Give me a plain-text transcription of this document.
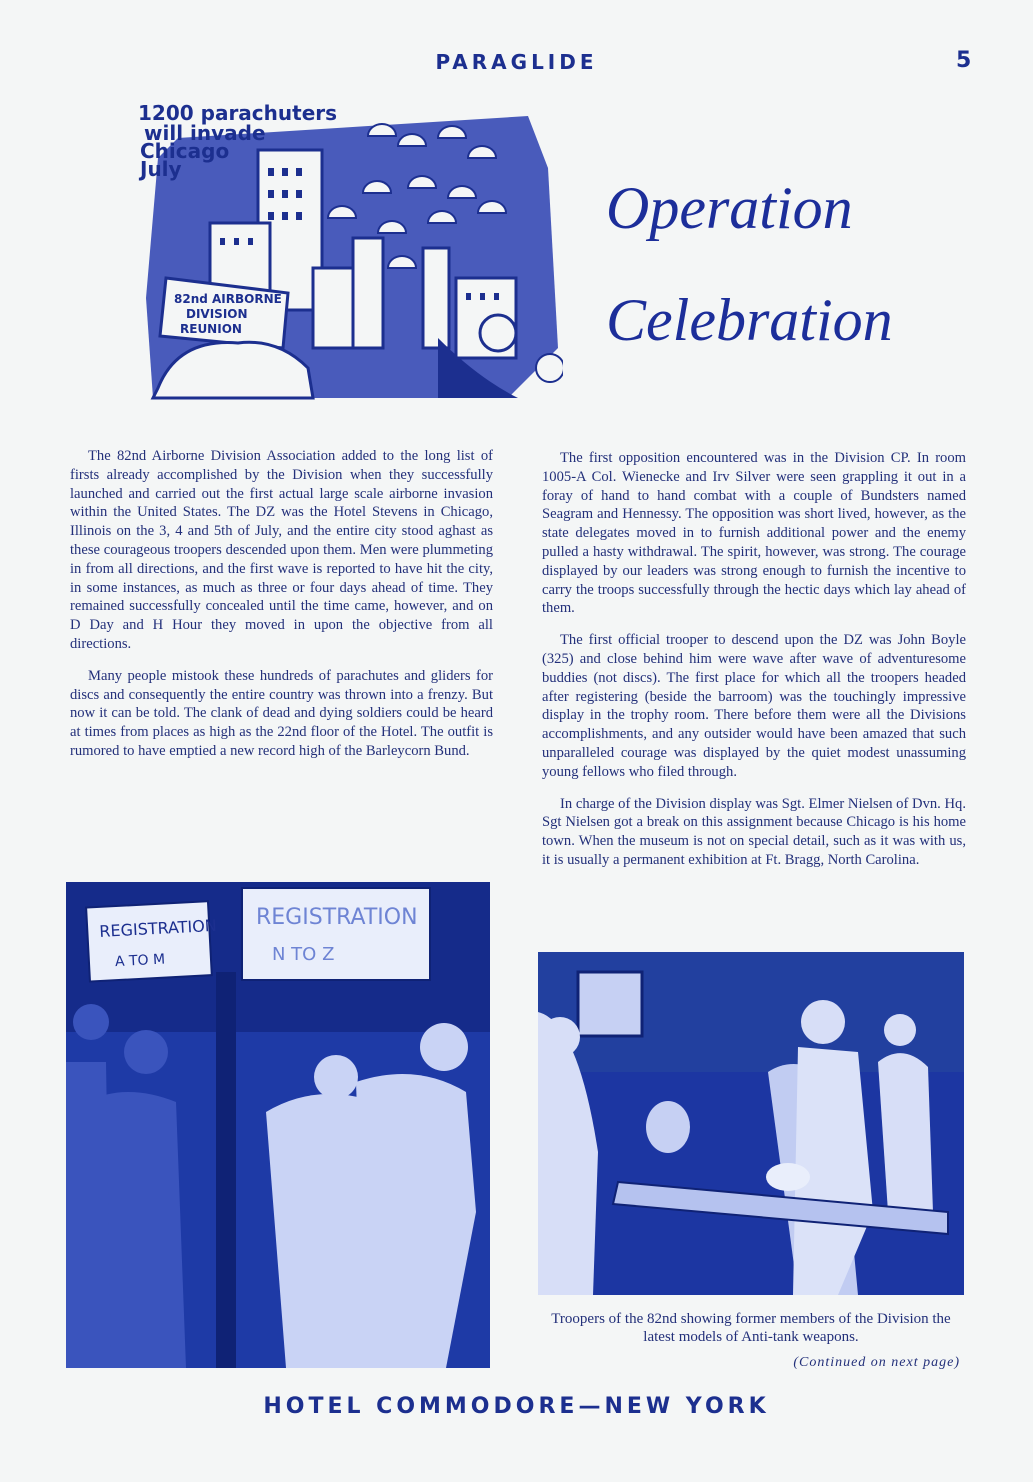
PARAGLIDE	5
1200 parachuters
will invade
Chicago
July
82nd AIRBORNE
DIVISION
REUNION
Operation
Celebration

The 82nd Airborne Division Association added to the long list of firsts already accomplished by the Division when they successfully launched and carried out the first actual large scale airborne invasion within the United States. The DZ was the Hotel Stevens in Chicago, Illinois on the 3, 4 and 5th of July, and the entire city stood aghast as these courageous troopers descended upon them. Men were plummeting in from all directions, and the first wave is reported to have hit the city, in some instances, as much as three or four days ahead of time. They remained successfully concealed until the time came, however, and on D Day and H Hour they moved in upon the objective from all directions.

Many people mistook these hundreds of parachutes and gliders for discs and consequently the entire country was thrown into a frenzy. But now it can be told. The clank of dead and dying soldiers could be heard at times from places as high as the 22nd floor of the Hotel. The outfit is rumored to have emptied a new record high of the Barleycorn Bund.

The first opposition encountered was in the Division CP. In room 1005-A Col. Wienecke and Irv Silver were seen grappling it out in a foray of hand to hand combat with a couple of Bundsters named Seagram and Hennessy. The opposition was short lived, however, as the state delegates moved in to furnish additional power and the enemy pulled a hasty withdrawal. The spirit, however, was strong. The courage displayed by our leaders was strong enough to furnish the incentive to carry the troops successfully through the hectic days which lay ahead of them.

The first official trooper to descend upon the DZ was John Boyle (325) and close behind him were wave after wave of adventuresome buddies (not discs). The first place for which all the troopers headed after registering (beside the barroom) was the touchingly impressive display in the trophy room. There before them were all the Divisions accomplishments, and any outsider would have been amazed that such unparalleled courage was displayed by the quiet modest unassuming young fellows who filed through.

In charge of the Division display was Sgt. Elmer Nielsen of Dvn. Hq. Sgt Nielsen got a break on this assignment because Chicago is his home town. When the museum is not on special detail, such as it was with us, it is usually a permanent exhibition at Ft. Bragg, North Carolina.

REGISTRATION
A TO M
REGISTRATION
N TO Z
Troopers of the 82nd showing former members of the Division the latest models of Anti-tank weapons.
(Continued on next page)
HOTEL COMMODORE—NEW YORK
